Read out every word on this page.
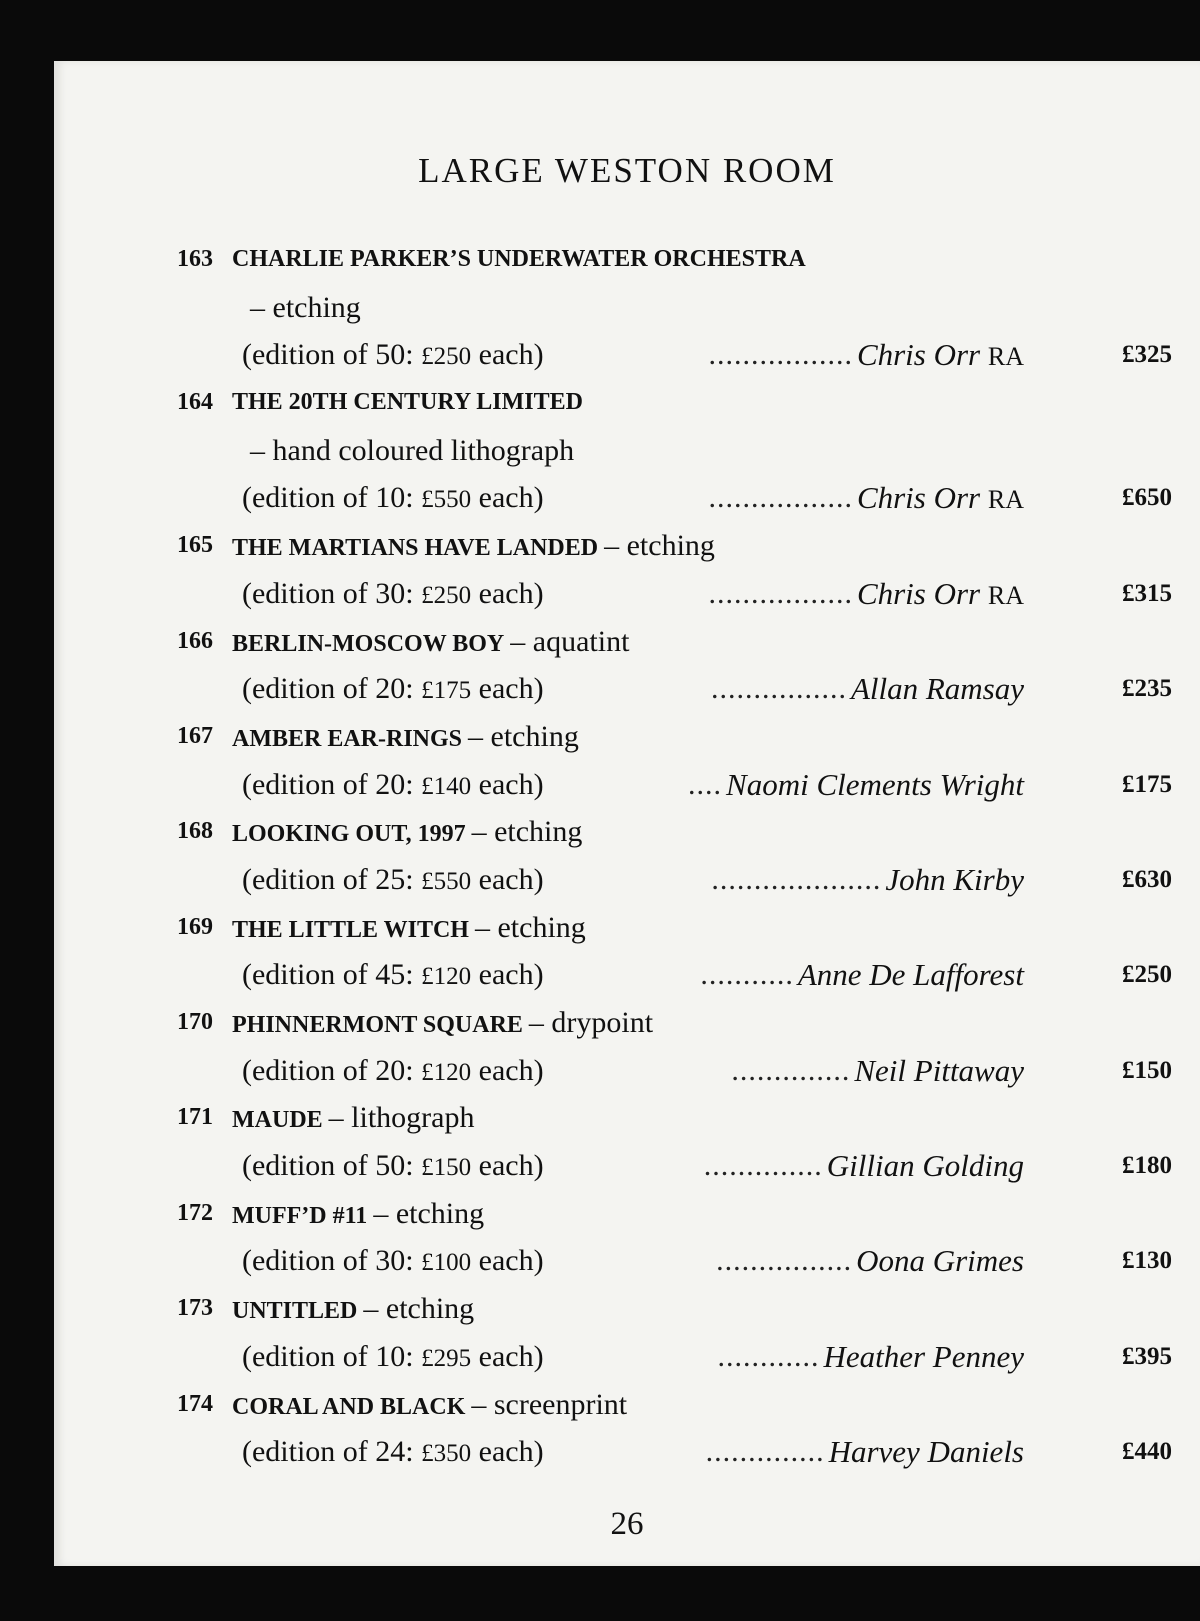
LARGE WESTON ROOM
163 CHARLIE PARKER’S UNDERWATER ORCHESTRA
– etching
(edition of 50: £250 each)	................. Chris Orr RA	£325
164 THE 20TH CENTURY LIMITED
– hand coloured lithograph
(edition of 10: £550 each)	................. Chris Orr RA	£650
165 THE MARTIANS HAVE LANDED – etching
(edition of 30: £250 each)	................. Chris Orr RA	£315
166 BERLIN-MOSCOW BOY – aquatint
(edition of 20: £175 each)	................ Allan Ramsay	£235
167 AMBER EAR-RINGS – etching
(edition of 20: £140 each)	.... Naomi Clements Wright	£175
168 LOOKING OUT, 1997 – etching
(edition of 25: £550 each)	.................... John Kirby	£630
169 THE LITTLE WITCH – etching
(edition of 45: £120 each)	........... Anne De Lafforest	£250
170 PHINNERMONT SQUARE – drypoint
(edition of 20: £120 each)	.............. Neil Pittaway	£150
171 MAUDE – lithograph
(edition of 50: £150 each)	.............. Gillian Golding	£180
172 MUFF’D #11 – etching
(edition of 30: £100 each)	................ Oona Grimes	£130
173 UNTITLED – etching
(edition of 10: £295 each)	............ Heather Penney	£395
174 CORAL AND BLACK – screenprint
(edition of 24: £350 each)	.............. Harvey Daniels	£440
26
